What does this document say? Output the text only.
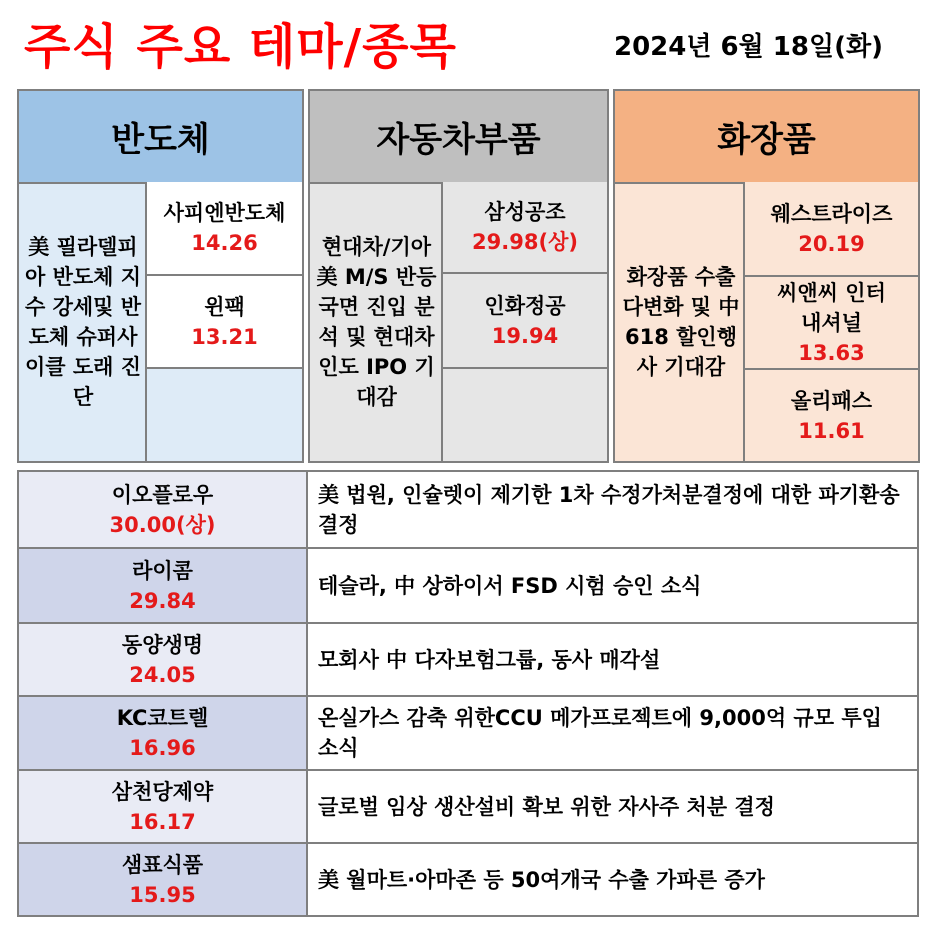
주식 주요 테마/종목	2024년 6월 18일(화)
반도체
美 필라델피아 반도체 지수 강세및 반도체 슈퍼사이클 도래 진단
사피엔반도체
14.26
윈팩
13.21
자동차부품
현대차/기아 美 M/S 반등 국면 진입 분석 및 현대차 인도 IPO 기대감
삼성공조
29.98(상)
인화정공
19.94
화장품
화장품 수출 다변화 및 中 618 할인행사 기대감
웨스트라이즈
20.19
씨앤씨 인터내셔널
13.63
올리패스
11.61
이오플로우
30.00(상)
美 법원, 인슐렛이 제기한 1차 수정가처분결정에 대한 파기환송 결정
라이콤
29.84
테슬라, 中 상하이서 FSD 시험 승인 소식
동양생명
24.05
모회사 中 다자보험그룹, 동사 매각설
KC코트렐
16.96
온실가스 감축 위한CCU 메가프로젝트에 9,000억 규모 투입 소식
삼천당제약
16.17
글로벌 임상 생산설비 확보 위한 자사주 처분 결정
샘표식품
15.95
美 월마트·아마존 등 50여개국 수출 가파른 증가
